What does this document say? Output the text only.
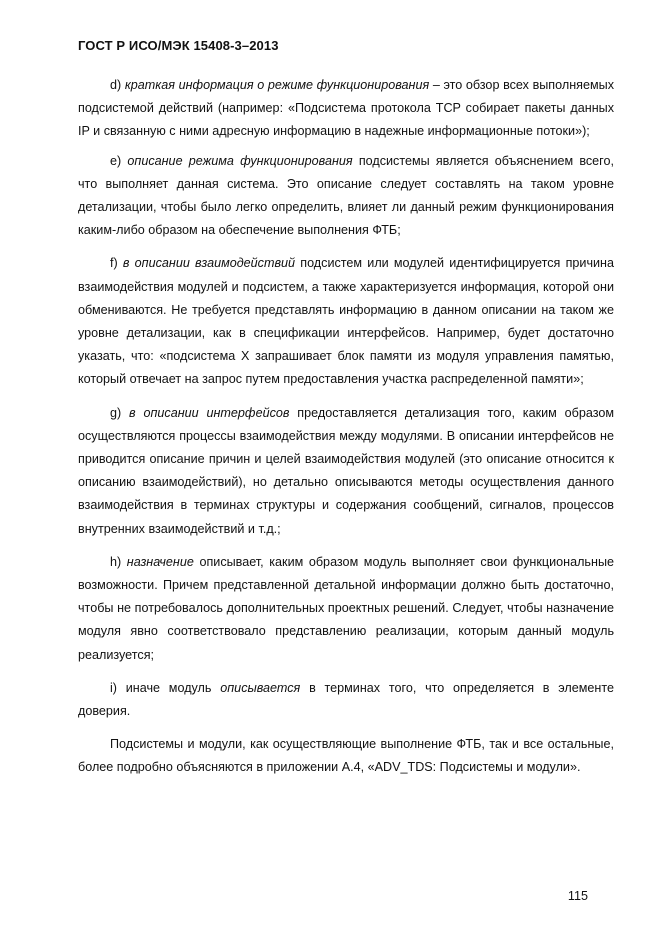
ГОСТ Р ИСО/МЭК 15408-3–2013

d) краткая информация о режиме функционирования – это обзор всех выполняемых подсистемой действий (например: «Подсистема протокола TCP собирает пакеты данных IP и связанную с ними адресную информацию в надежные информационные потоки»);

e) описание режима функционирования подсистемы является объяснением всего, что выполняет данная система. Это описание следует составлять на таком уровне детализации, чтобы было легко определить, влияет ли данный режим функционирования каким-либо образом на обеспечение выполнения ФТБ;

f) в описании взаимодействий подсистем или модулей идентифицируется причина взаимодействия модулей и подсистем, а также характеризуется информация, которой они обмениваются. Не требуется представлять информацию в данном описании на таком же уровне детализации, как в спецификации интерфейсов. Например, будет достаточно указать, что: «подсистема X запрашивает блок памяти из модуля управления памятью, который отвечает на запрос путем предоставления участка распределенной памяти»;

g) в описании интерфейсов предоставляется детализация того, каким образом осуществляются процессы взаимодействия между модулями. В описании интерфейсов не приводится описание причин и целей взаимодействия модулей (это описание относится к описанию взаимодействий), но детально описываются методы осуществления данного взаимодействия в терминах структуры и содержания сообщений, сигналов, процессов внутренних взаимодействий и т.д.;

h) назначение описывает, каким образом модуль выполняет свои функциональные возможности. Причем представленной детальной информации должно быть достаточно, чтобы не потребовалось дополнительных проектных решений. Следует, чтобы назначение модуля явно соответствовало представлению реализации, которым данный модуль реализуется;

i) иначе модуль описывается в терминах того, что определяется в элементе доверия.

Подсистемы и модули, как осуществляющие выполнение ФТБ, так и все остальные, более подробно объясняются в приложении А.4, «ADV_TDS: Подсистемы и модули».

115
